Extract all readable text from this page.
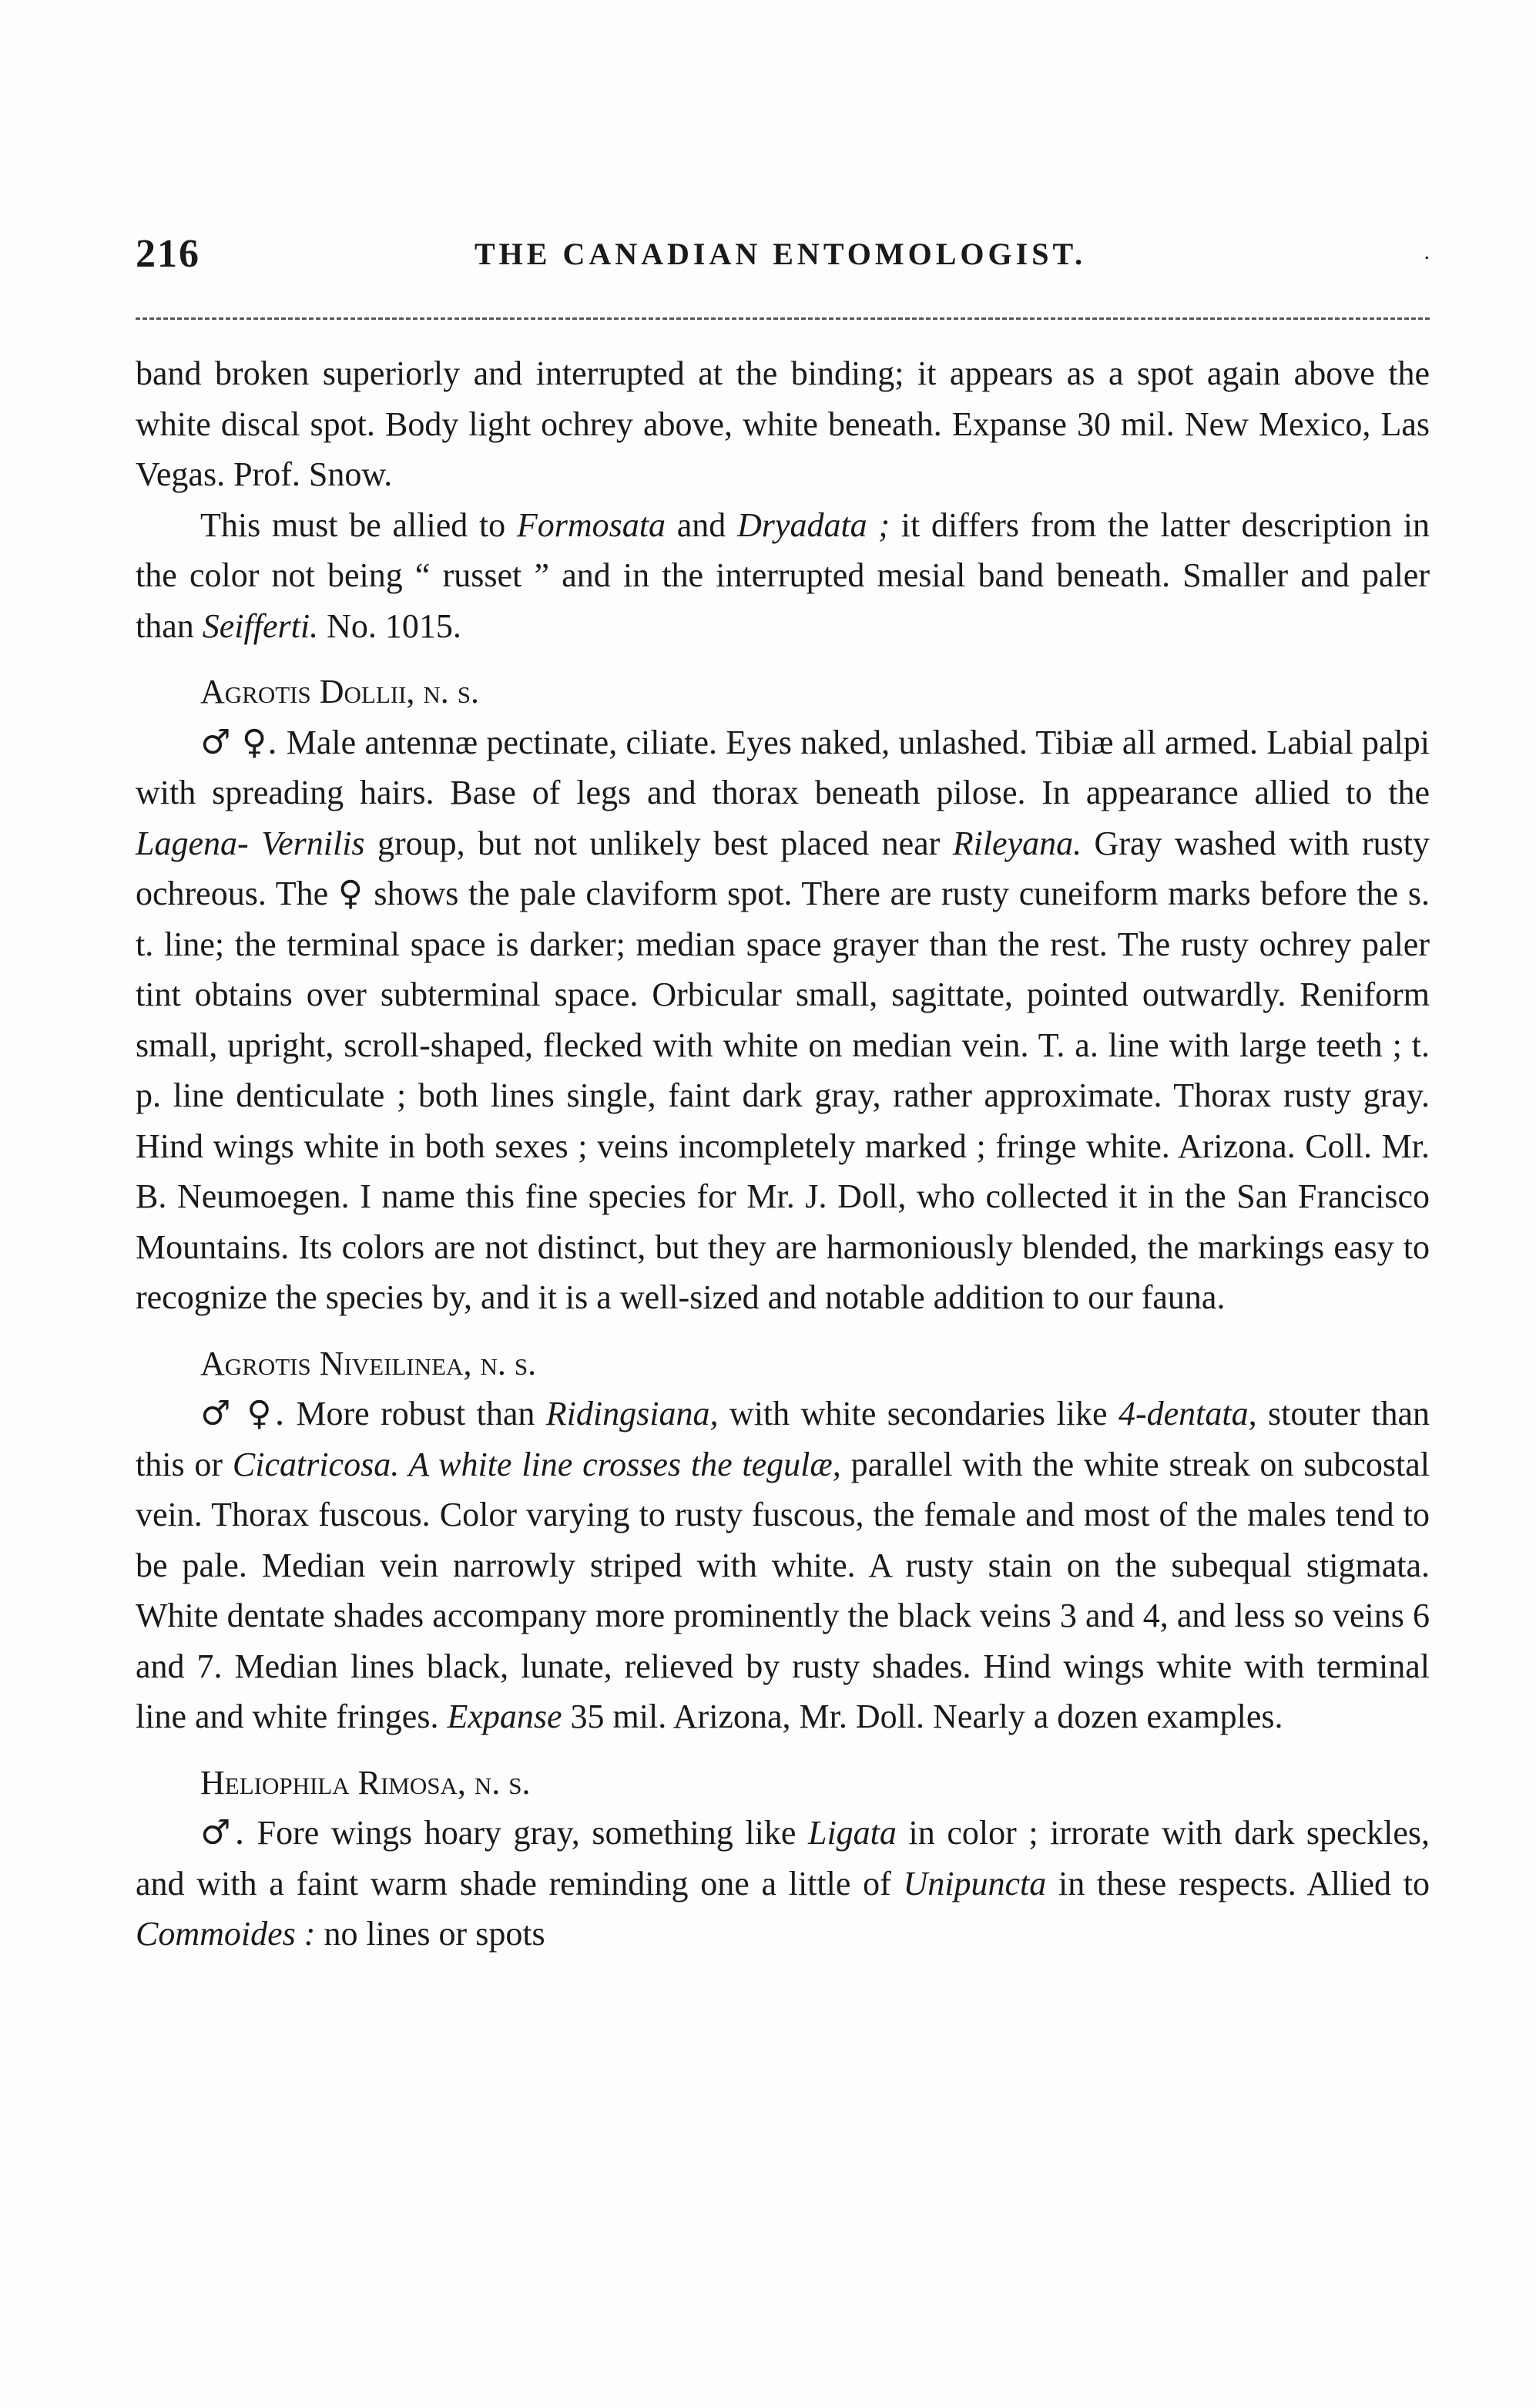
216	THE CANADIAN ENTOMOLOGIST.	.

band broken superiorly and interrupted at the binding; it appears as a spot again above the white discal spot. Body light ochrey above, white beneath. Expanse 30 mil. New Mexico, Las Vegas. Prof. Snow.

This must be allied to Formosata and Dryadata ; it differs from the latter description in the color not being “ russet ” and in the interrupted mesial band beneath. Smaller and paler than Seifferti. No. 1015.

Agrotis Dollii, n. s.

♂ ♀. Male antennæ pectinate, ciliate. Eyes naked, unlashed. Tibiæ all armed. Labial palpi with spreading hairs. Base of legs and thorax beneath pilose. In appearance allied to the Lagena- Vernilis group, but not unlikely best placed near Rileyana. Gray washed with rusty ochreous. The ♀ shows the pale claviform spot. There are rusty cuneiform marks before the s. t. line; the terminal space is darker; median space grayer than the rest. The rusty ochrey paler tint obtains over subterminal space. Orbicular small, sagittate, pointed outwardly. Reniform small, upright, scroll-shaped, flecked with white on median vein. T. a. line with large teeth ; t. p. line denticulate ; both lines single, faint dark gray, rather approximate. Thorax rusty gray. Hind wings white in both sexes ; veins incompletely marked ; fringe white. Arizona. Coll. Mr. B. Neumoegen. I name this fine species for Mr. J. Doll, who collected it in the San Francisco Mountains. Its colors are not distinct, but they are harmoniously blended, the markings easy to recognize the species by, and it is a well-sized and notable addition to our fauna.

Agrotis Niveilinea, n. s.

♂ ♀. More robust than Ridingsiana, with white secondaries like 4-dentata, stouter than this or Cicatricosa. A white line crosses the tegulæ, parallel with the white streak on subcostal vein. Thorax fuscous. Color varying to rusty fuscous, the female and most of the males tend to be pale. Median vein narrowly striped with white. A rusty stain on the subequal stigmata. White dentate shades accompany more prominently the black veins 3 and 4, and less so veins 6 and 7. Median lines black, lunate, relieved by rusty shades. Hind wings white with terminal line and white fringes. Expanse 35 mil. Arizona, Mr. Doll. Nearly a dozen examples.

Heliophila Rimosa, n. s.

♂. Fore wings hoary gray, something like Ligata in color ; irrorate with dark speckles, and with a faint warm shade reminding one a little of Unipuncta in these respects. Allied to Commoides : no lines or spots
